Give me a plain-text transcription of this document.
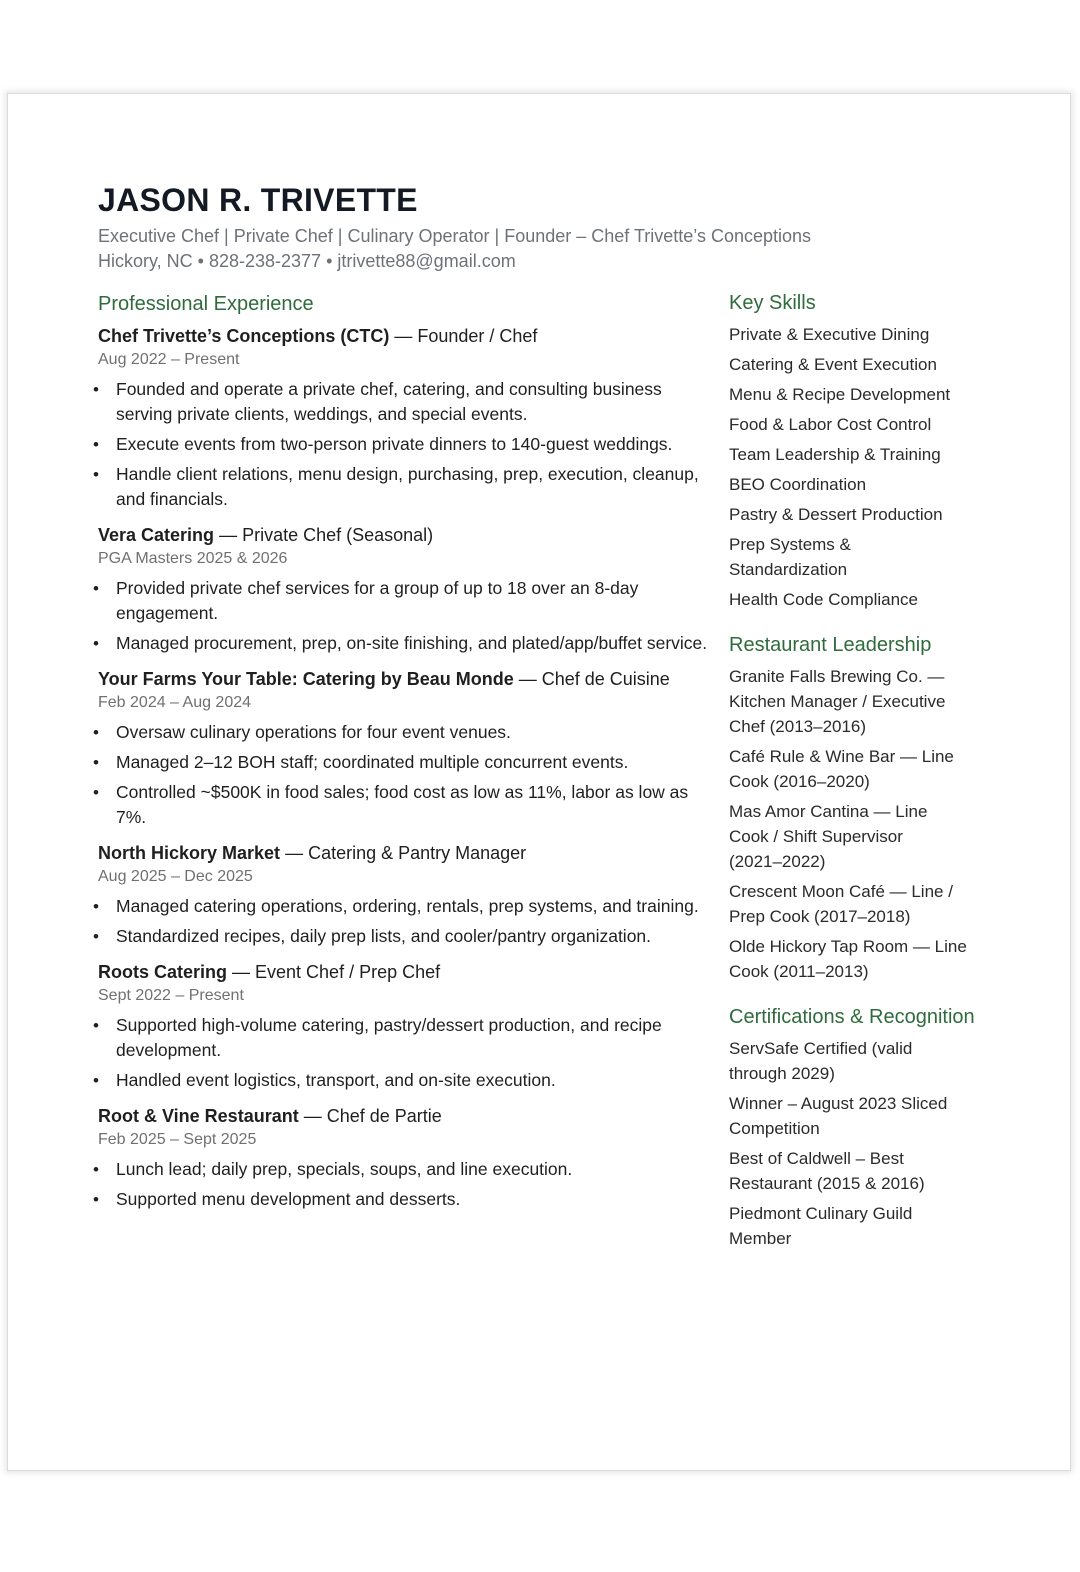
JASON R. TRIVETTE
Executive Chef | Private Chef | Culinary Operator | Founder – Chef Trivette’s Conceptions
Hickory, NC • 828-238-2377 • jtrivette88@gmail.com
Professional Experience
Chef Trivette’s Conceptions (CTC) — Founder / Chef
Aug 2022 – Present
• Founded and operate a private chef, catering, and consulting business serving private clients, weddings, and special events.
• Execute events from two-person private dinners to 140-guest weddings.
• Handle client relations, menu design, purchasing, prep, execution, cleanup, and financials.
Vera Catering — Private Chef (Seasonal)
PGA Masters 2025 & 2026
• Provided private chef services for a group of up to 18 over an 8-day engagement.
• Managed procurement, prep, on-site finishing, and plated/app/buffet service.
Your Farms Your Table: Catering by Beau Monde — Chef de Cuisine
Feb 2024 – Aug 2024
• Oversaw culinary operations for four event venues.
• Managed 2–12 BOH staff; coordinated multiple concurrent events.
• Controlled ~$500K in food sales; food cost as low as 11%, labor as low as 7%.
North Hickory Market — Catering & Pantry Manager
Aug 2025 – Dec 2025
• Managed catering operations, ordering, rentals, prep systems, and training.
• Standardized recipes, daily prep lists, and cooler/pantry organization.
Roots Catering — Event Chef / Prep Chef
Sept 2022 – Present
• Supported high-volume catering, pastry/dessert production, and recipe development.
• Handled event logistics, transport, and on-site execution.
Root & Vine Restaurant — Chef de Partie
Feb 2025 – Sept 2025
• Lunch lead; daily prep, specials, soups, and line execution.
• Supported menu development and desserts.
Key Skills
Private & Executive Dining
Catering & Event Execution
Menu & Recipe Development
Food & Labor Cost Control
Team Leadership & Training
BEO Coordination
Pastry & Dessert Production
Prep Systems & Standardization
Health Code Compliance
Restaurant Leadership
Granite Falls Brewing Co. — Kitchen Manager / Executive Chef (2013–2016)
Café Rule & Wine Bar — Line Cook (2016–2020)
Mas Amor Cantina — Line Cook / Shift Supervisor (2021–2022)
Crescent Moon Café — Line / Prep Cook (2017–2018)
Olde Hickory Tap Room — Line Cook (2011–2013)
Certifications & Recognition
ServSafe Certified (valid through 2029)
Winner – August 2023 Sliced Competition
Best of Caldwell – Best Restaurant (2015 & 2016)
Piedmont Culinary Guild Member
